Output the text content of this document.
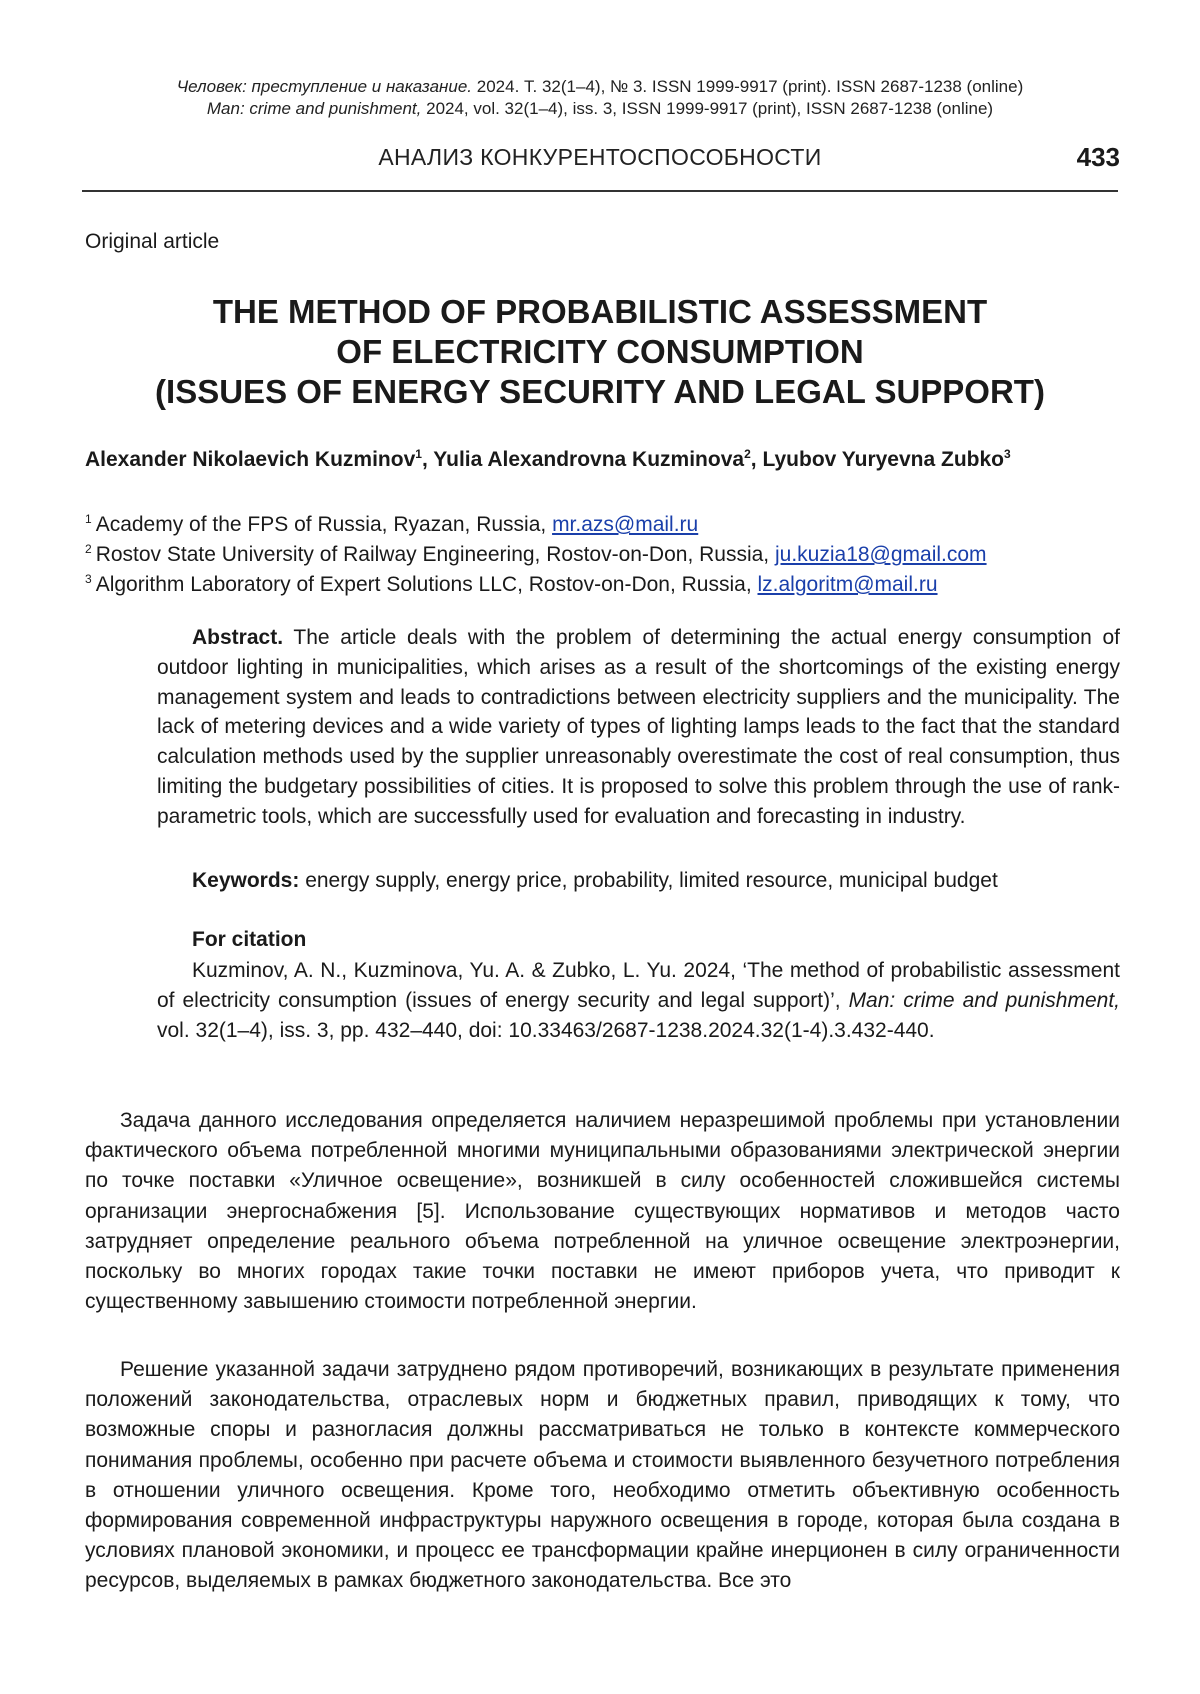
Человек: преступление и наказание. 2024. Т. 32(1–4), № 3. ISSN 1999-9917 (print). ISSN 2687-1238 (online)
Man: crime and punishment, 2024, vol. 32(1–4), iss. 3, ISSN 1999-9917 (print), ISSN 2687-1238 (online)
АНАЛИЗ КОНКУРЕНТОСПОСОБНОСТИ	433
Original article
THE METHOD OF PROBABILISTIC ASSESSMENT
OF ELECTRICITY CONSUMPTION
(ISSUES OF ENERGY SECURITY AND LEGAL SUPPORT)
Alexander Nikolaevich Kuzminov$^1$, Yulia Alexandrovna Kuzminova$^2$, Lyubov Yuryevna Zubko$^3$
$^1$ Academy of the FPS of Russia, Ryazan, Russia, mr.azs@mail.ru
$^2$ Rostov State University of Railway Engineering, Rostov-on-Don, Russia, ju.kuzia18@gmail.com
$^3$ Algorithm Laboratory of Expert Solutions LLC, Rostov-on-Don, Russia, lz.algoritm@mail.ru
Abstract. The article deals with the problem of determining the actual energy consumption of outdoor lighting in municipalities, which arises as a result of the shortcomings of the existing energy management system and leads to contradictions between electricity suppliers and the municipality. The lack of metering devices and a wide variety of types of lighting lamps leads to the fact that the standard calculation methods used by the supplier unreasonably overestimate the cost of real consumption, thus limiting the budgetary possibilities of cities. It is proposed to solve this problem through the use of rank-parametric tools, which are successfully used for evaluation and forecasting in industry.
Keywords: energy supply, energy price, probability, limited resource, municipal budget
For citation
Kuzminov, A. N., Kuzminova, Yu. A. & Zubko, L. Yu. 2024, ‘The method of probabilistic assessment of electricity consumption (issues of energy security and legal support)’, Man: crime and punishment, vol. 32(1–4), iss. 3, pp. 432–440, doi: 10.33463/2687-1238.2024.32(1-4).3.432-440.
Задача данного исследования определяется наличием неразрешимой проблемы при установлении фактического объема потребленной многими муниципальными образованиями электрической энергии по точке поставки «Уличное освещение», возникшей в силу особенностей сложившейся системы организации энергоснабжения [5]. Использование существующих нормативов и методов часто затрудняет определение реального объема потребленной на уличное освещение электроэнергии, поскольку во многих городах такие точки поставки не имеют приборов учета, что приводит к существенному завышению стоимости потребленной энергии.
Решение указанной задачи затруднено рядом противоречий, возникающих в результате применения положений законодательства, отраслевых норм и бюджетных правил, приводящих к тому, что возможные споры и разногласия должны рассматриваться не только в контексте коммерческого понимания проблемы, особенно при расчете объема и стоимости выявленного безучетного потребления в отношении уличного освещения. Кроме того, необходимо отметить объективную особенность формирования современной инфраструктуры наружного освещения в городе, которая была создана в условиях плановой экономики, и процесс ее трансформации крайне инерционен в силу ограниченности ресурсов, выделяемых в рамках бюджетного законодательства. Все это
